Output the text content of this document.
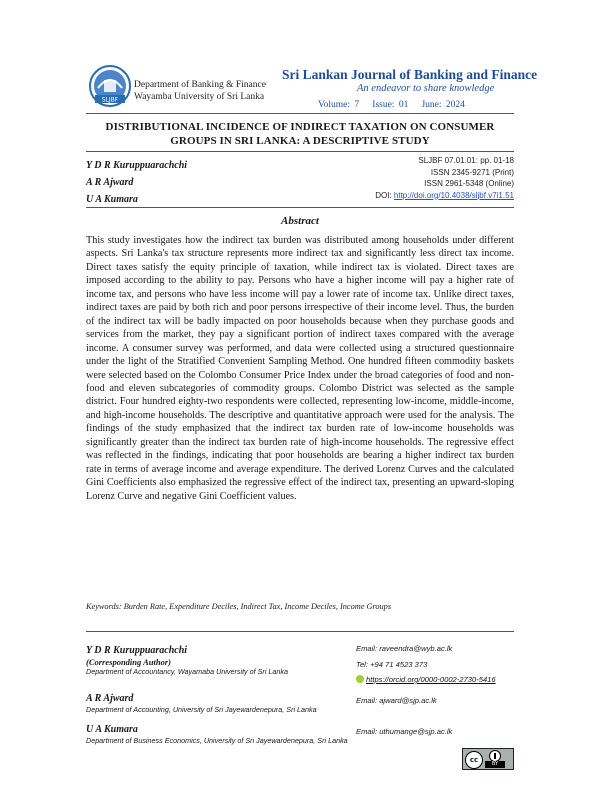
SLJBF
Department of Banking & Finance
Wayamba University of Sri Lanka
Sri Lankan Journal of Banking and Finance
An endeavor to share knowledge
Volume: 7 Issue: 01 June: 2024
DISTRIBUTIONAL INCIDENCE OF INDIRECT TAXATION ON CONSUMER GROUPS IN SRI LANKA: A DESCRIPTIVE STUDY
Y D R Kuruppuarachchi
A R Ajward
U A Kumara
SLJBF 07.01.01: pp. 01-18
ISSN 2345-9271 (Print)
ISSN 2961-5348 (Online)
DOI: http://doi.org/10.4038/sljbf.v7i1.51
Abstract
This study investigates how the indirect tax burden was distributed among households under different aspects. Sri Lanka's tax structure represents more indirect tax and significantly less direct tax income. Direct taxes satisfy the equity principle of taxation, while indirect tax is violated. Direct taxes are imposed according to the ability to pay. Persons who have a higher income will pay a higher rate of income tax, and persons who have less income will pay a lower rate of income tax. Unlike direct taxes, indirect taxes are paid by both rich and poor persons irrespective of their income level. Thus, the burden of the indirect tax will be badly impacted on poor households because when they purchase goods and services from the market, they pay a significant portion of indirect taxes compared with the average income. A consumer survey was performed, and data were collected using a structured questionnaire under the light of the Stratified Convenient Sampling Method. One hundred fifteen commodity baskets were selected based on the Colombo Consumer Price Index under the broad categories of food and non-food and eleven subcategories of commodity groups. Colombo District was selected as the sample district. Four hundred eighty-two respondents were collected, representing low-income, middle-income, and high-income households. The descriptive and quantitative approach were used for the analysis. The findings of the study emphasized that the indirect tax burden rate of low-income households was significantly greater than the indirect tax burden rate of high-income households. The regressive effect was reflected in the findings, indicating that poor households are bearing a higher indirect tax burden rate in terms of average income and average expenditure. The derived Lorenz Curves and the calculated Gini Coefficients also emphasized the regressive effect of the indirect tax, presenting an upward-sloping Lorenz Curve and negative Gini Coefficient values.
Keywords: Burden Rate, Expenditure Deciles, Indirect Tax, Income Deciles, Income Groups
Y D R Kuruppuarachchi
(Corresponding Author)
Department of Accountancy, Wayamaba University of Sri Lanka
Email: raveendra@wyb.ac.lk
Tel: +94 71 4523 373
https://orcid.org/0000-0002-2730-5416
A R Ajward
Department of Accounting, University of Sri Jayewardenepura, Sri Lanka
Email: ajward@sjp.ac.lk
U A Kumara
Department of Business Economics, University of Sri Jayewardenepura, Sri Lanka
Email: uthumange@sjp.ac.lk
cc	BY
